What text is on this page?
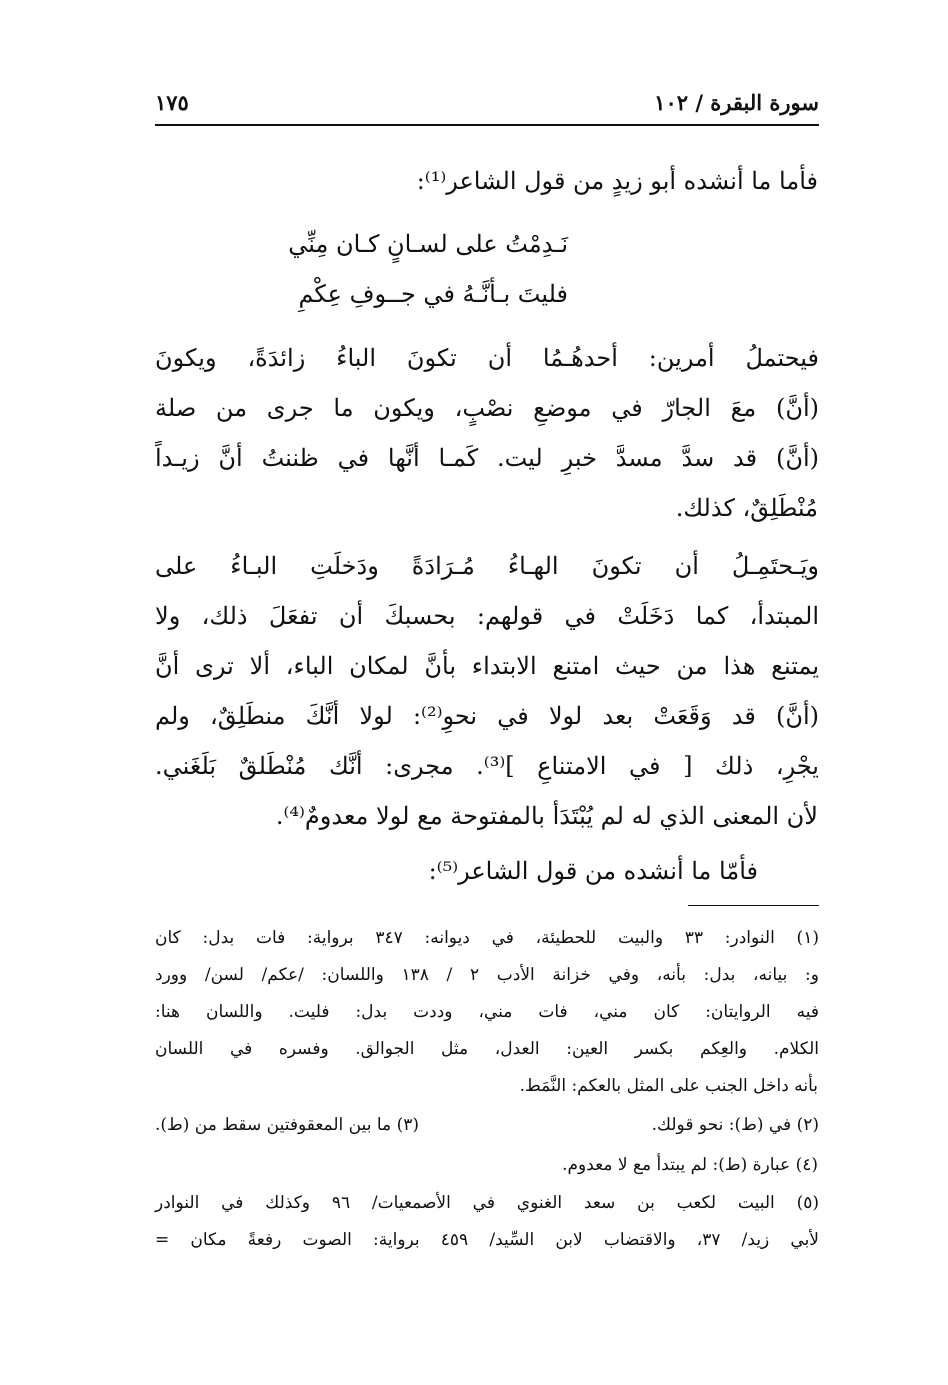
سورة البقرة / ١٠٢
١٧٥
فأما ما أنشده أبو زيدٍ من قول الشاعر⁽¹⁾:
نَـدِمْتُ على لسـانٍ كـان مِنِّي
فليتَ بـأنَّـهُ في جــوفِ عِكْمِ
فيحتملُ أمرين: أحدهُـمُا أن تكونَ الباءُ زائدَةً، ويكونَ
(أنَّ) معَ الجارّ في موضعِ نصْبٍ، ويكون ما جرى من صلة
(أنَّ) قد سدَّ مسدَّ خبرِ ليت. كَمـا أنَّها في ظننتُ أنَّ زيـداً
مُنْطَلِقٌ، كذلك.
ويَـحتَمِـلُ أن تكونَ الهـاءُ مُـرَادَةً ودَخلَتِ البـاءُ على
المبتدأ، كما دَخَلَتْ في قولهم: بحسبكَ أن تفعَلَ ذلك، ولا
يمتنع هذا من حيث امتنع الابتداء بأنَّ لمكان الباء، ألا ترى أنَّ
(أنَّ) قد وَقَعَتْ بعد لولا في نحوِ⁽²⁾: لولا أنَّكَ منطَلِقٌ، ولم
يجْرِ، ذلك [ في الامتناعِ ]⁽³⁾. مجرى: أنَّك مُنْطَلقٌ بَلَغَني.
لأن المعنى الذي له لم يُبْتَدَأ بالمفتوحة مع لولا معدومٌ⁽⁴⁾.
فأمّا ما أنشده من قول الشاعر⁽⁵⁾:
(١) النوادر: ٣٣ والبيت للحطيئة، في ديوانه: ٣٤٧ برواية: فات بدل: كان
و: بيانه، بدل: بأنه، وفي خزانة الأدب ٢ / ١٣٨ واللسان: /عكم/ لسن/ وورد
فيه الروايتان: كان مني، فات مني، وددت بدل: فليت. واللسان هنا:
الكلام. والعِكم بكسر العين: العدل، مثل الجوالق. وفسره في اللسان
بأنه داخل الجنب على المثل بالعكم: النَّمَط.
(٢) في (ط): نحو قولك.
(٣) ما بين المعقوفتين سقط من (ط).
(٤) عبارة (ط): لم يبتدأ مع لا معدوم.
(٥) البيت لكعب بن سعد الغنوي في الأصمعيات/ ٩٦ وكذلك في النوادر
لأبي زيد/ ٣٧، والاقتضاب لابن السِّيد/ ٤٥٩ برواية: الصوت رفعةً مكان =
